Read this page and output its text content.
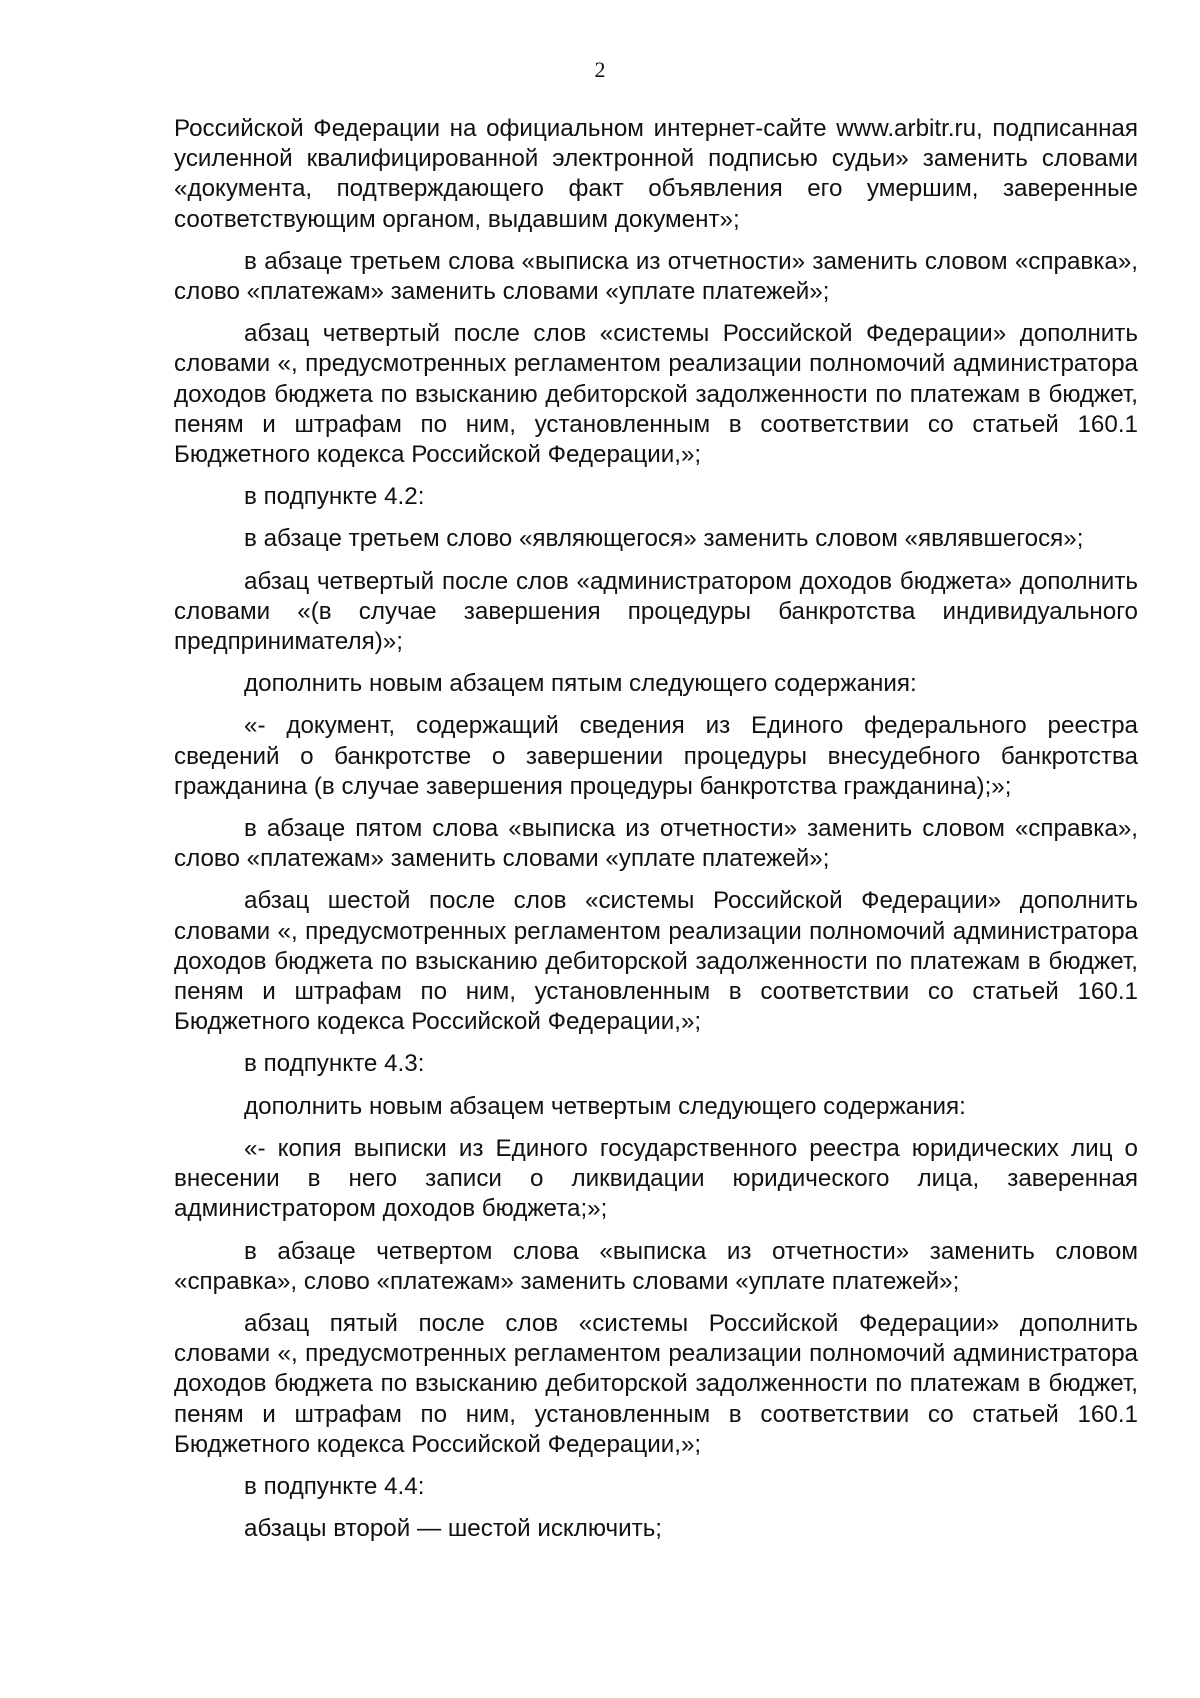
2

Российской Федерации на официальном интернет-сайте www.arbitr.ru, подписанная усиленной квалифицированной электронной подписью судьи» заменить словами «документа, подтверждающего факт объявления его умершим, заверенные соответствующим органом, выдавшим документ»;

в абзаце третьем слова «выписка из отчетности» заменить словом «справка», слово «платежам» заменить словами «уплате платежей»;

абзац четвертый после слов «системы Российской Федерации» дополнить словами «, предусмотренных регламентом реализации полномочий администратора доходов бюджета по взысканию дебиторской задолженности по платежам в бюджет, пеням и штрафам по ним, установленным в соответствии со статьей 160.1 Бюджетного кодекса Российской Федерации,»;

в подпункте 4.2:

в абзаце третьем слово «являющегося» заменить словом «являвшегося»;

абзац четвертый после слов «администратором доходов бюджета» дополнить словами «(в случае завершения процедуры банкротства индивидуального предпринимателя)»;

дополнить новым абзацем пятым следующего содержания:

«- документ, содержащий сведения из Единого федерального реестра сведений о банкротстве о завершении процедуры внесудебного банкротства гражданина (в случае завершения процедуры банкротства гражданина);»;

в абзаце пятом слова «выписка из отчетности» заменить словом «справка», слово «платежам» заменить словами «уплате платежей»;

абзац шестой после слов «системы Российской Федерации» дополнить словами «, предусмотренных регламентом реализации полномочий администратора доходов бюджета по взысканию дебиторской задолженности по платежам в бюджет, пеням и штрафам по ним, установленным в соответствии со статьей 160.1 Бюджетного кодекса Российской Федерации,»;

в подпункте 4.3:

дополнить новым абзацем четвертым следующего содержания:

«- копия выписки из Единого государственного реестра юридических лиц о внесении в него записи о ликвидации юридического лица, заверенная администратором доходов бюджета;»;

в абзаце четвертом слова «выписка из отчетности» заменить словом «справка», слово «платежам» заменить словами «уплате платежей»;

абзац пятый после слов «системы Российской Федерации» дополнить словами «, предусмотренных регламентом реализации полномочий администратора доходов бюджета по взысканию дебиторской задолженности по платежам в бюджет, пеням и штрафам по ним, установленным в соответствии со статьей 160.1 Бюджетного кодекса Российской Федерации,»;

в подпункте 4.4:

абзацы второй — шестой исключить;
